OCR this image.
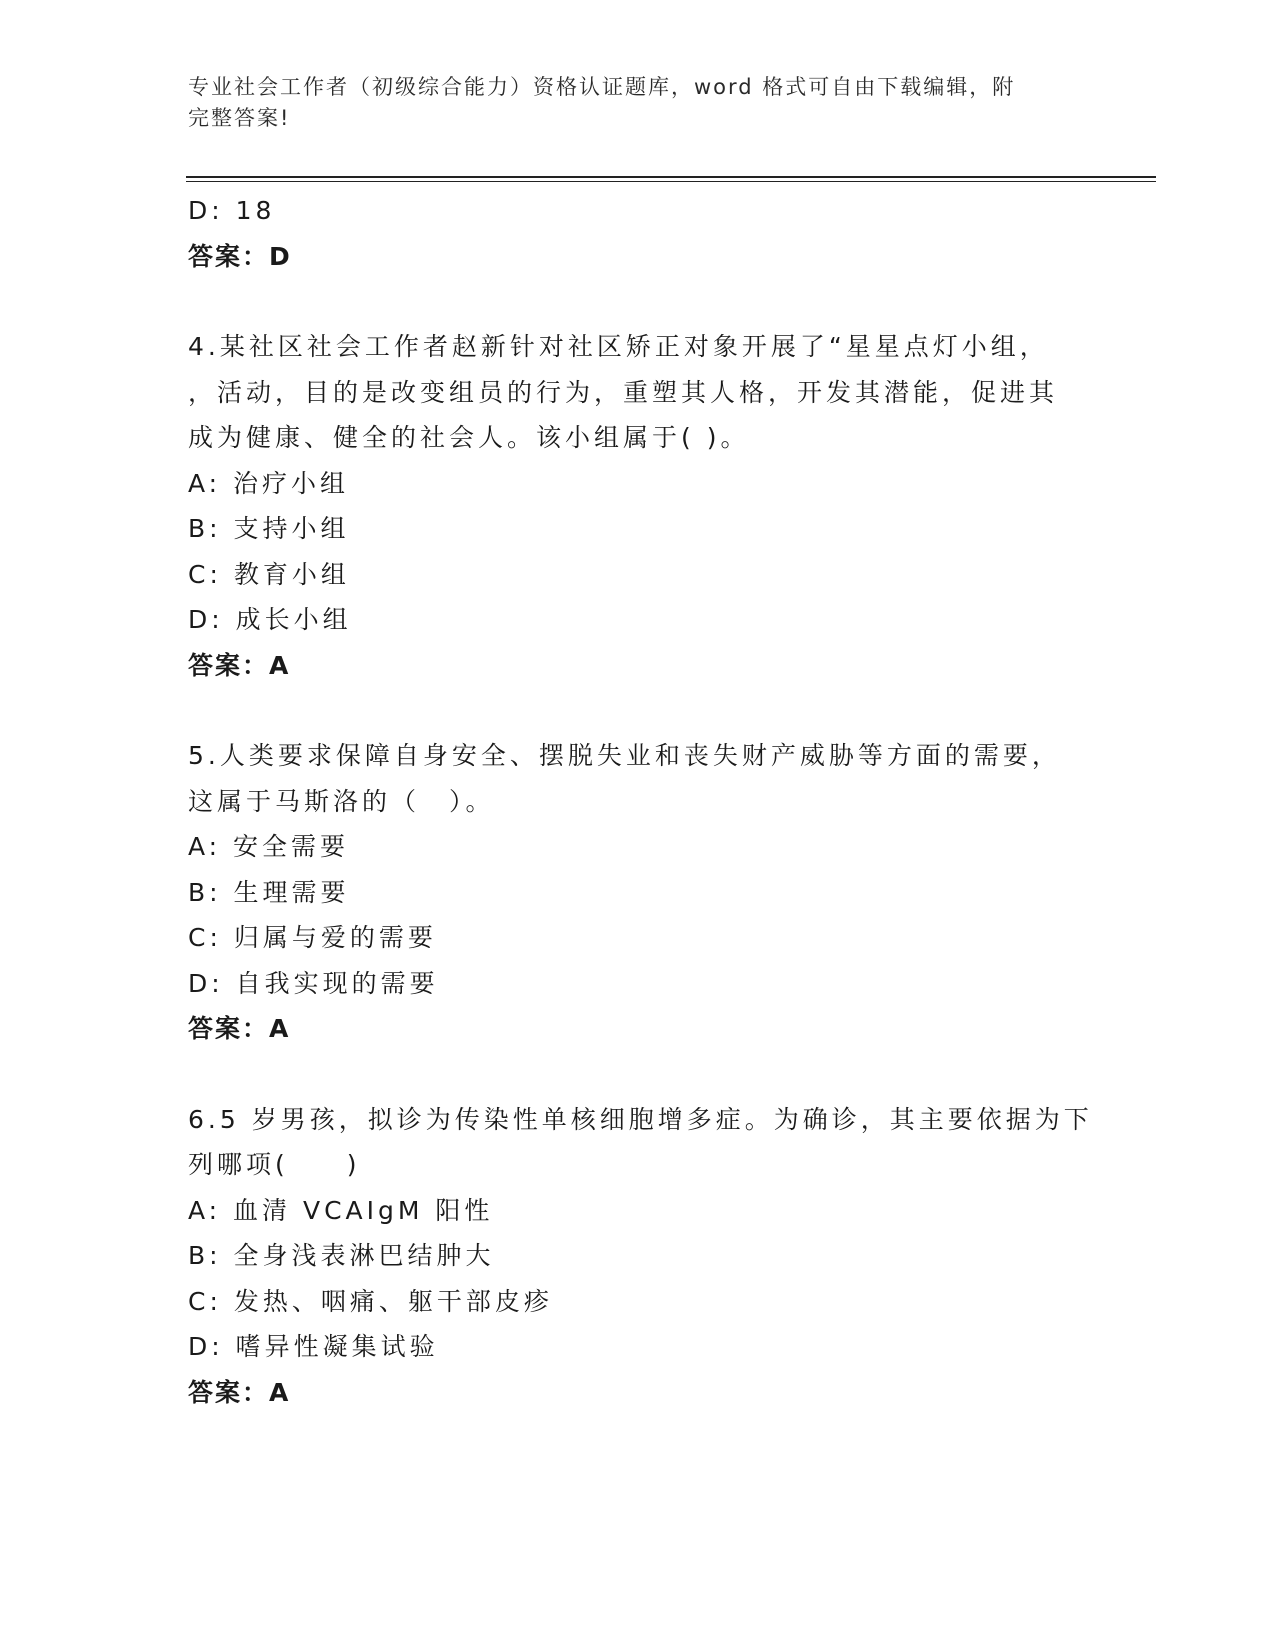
专业社会工作者（初级综合能力）资格认证题库，word 格式可自由下载编辑，附
完整答案!
D: 18
答案：D
4.某社区社会工作者赵新针对社区矫正对象开展了“星星点灯小组，
，活动，目的是改变组员的行为，重塑其人格，开发其潜能，促进其
成为健康、健全的社会人。该小组属于( )。
A: 治疗小组
B: 支持小组
C: 教育小组
D: 成长小组
答案：A
5.人类要求保障自身安全、摆脱失业和丧失财产威胁等方面的需要，
这属于马斯洛的（　）。
A: 安全需要
B: 生理需要
C: 归属与爱的需要
D: 自我实现的需要
答案：A
6.5 岁男孩，拟诊为传染性单核细胞增多症。为确诊，其主要依据为下
列哪项(　　)
A: 血清 VCAIgM 阳性
B: 全身浅表淋巴结肿大
C: 发热、咽痛、躯干部皮疹
D: 嗜异性凝集试验
答案：A
